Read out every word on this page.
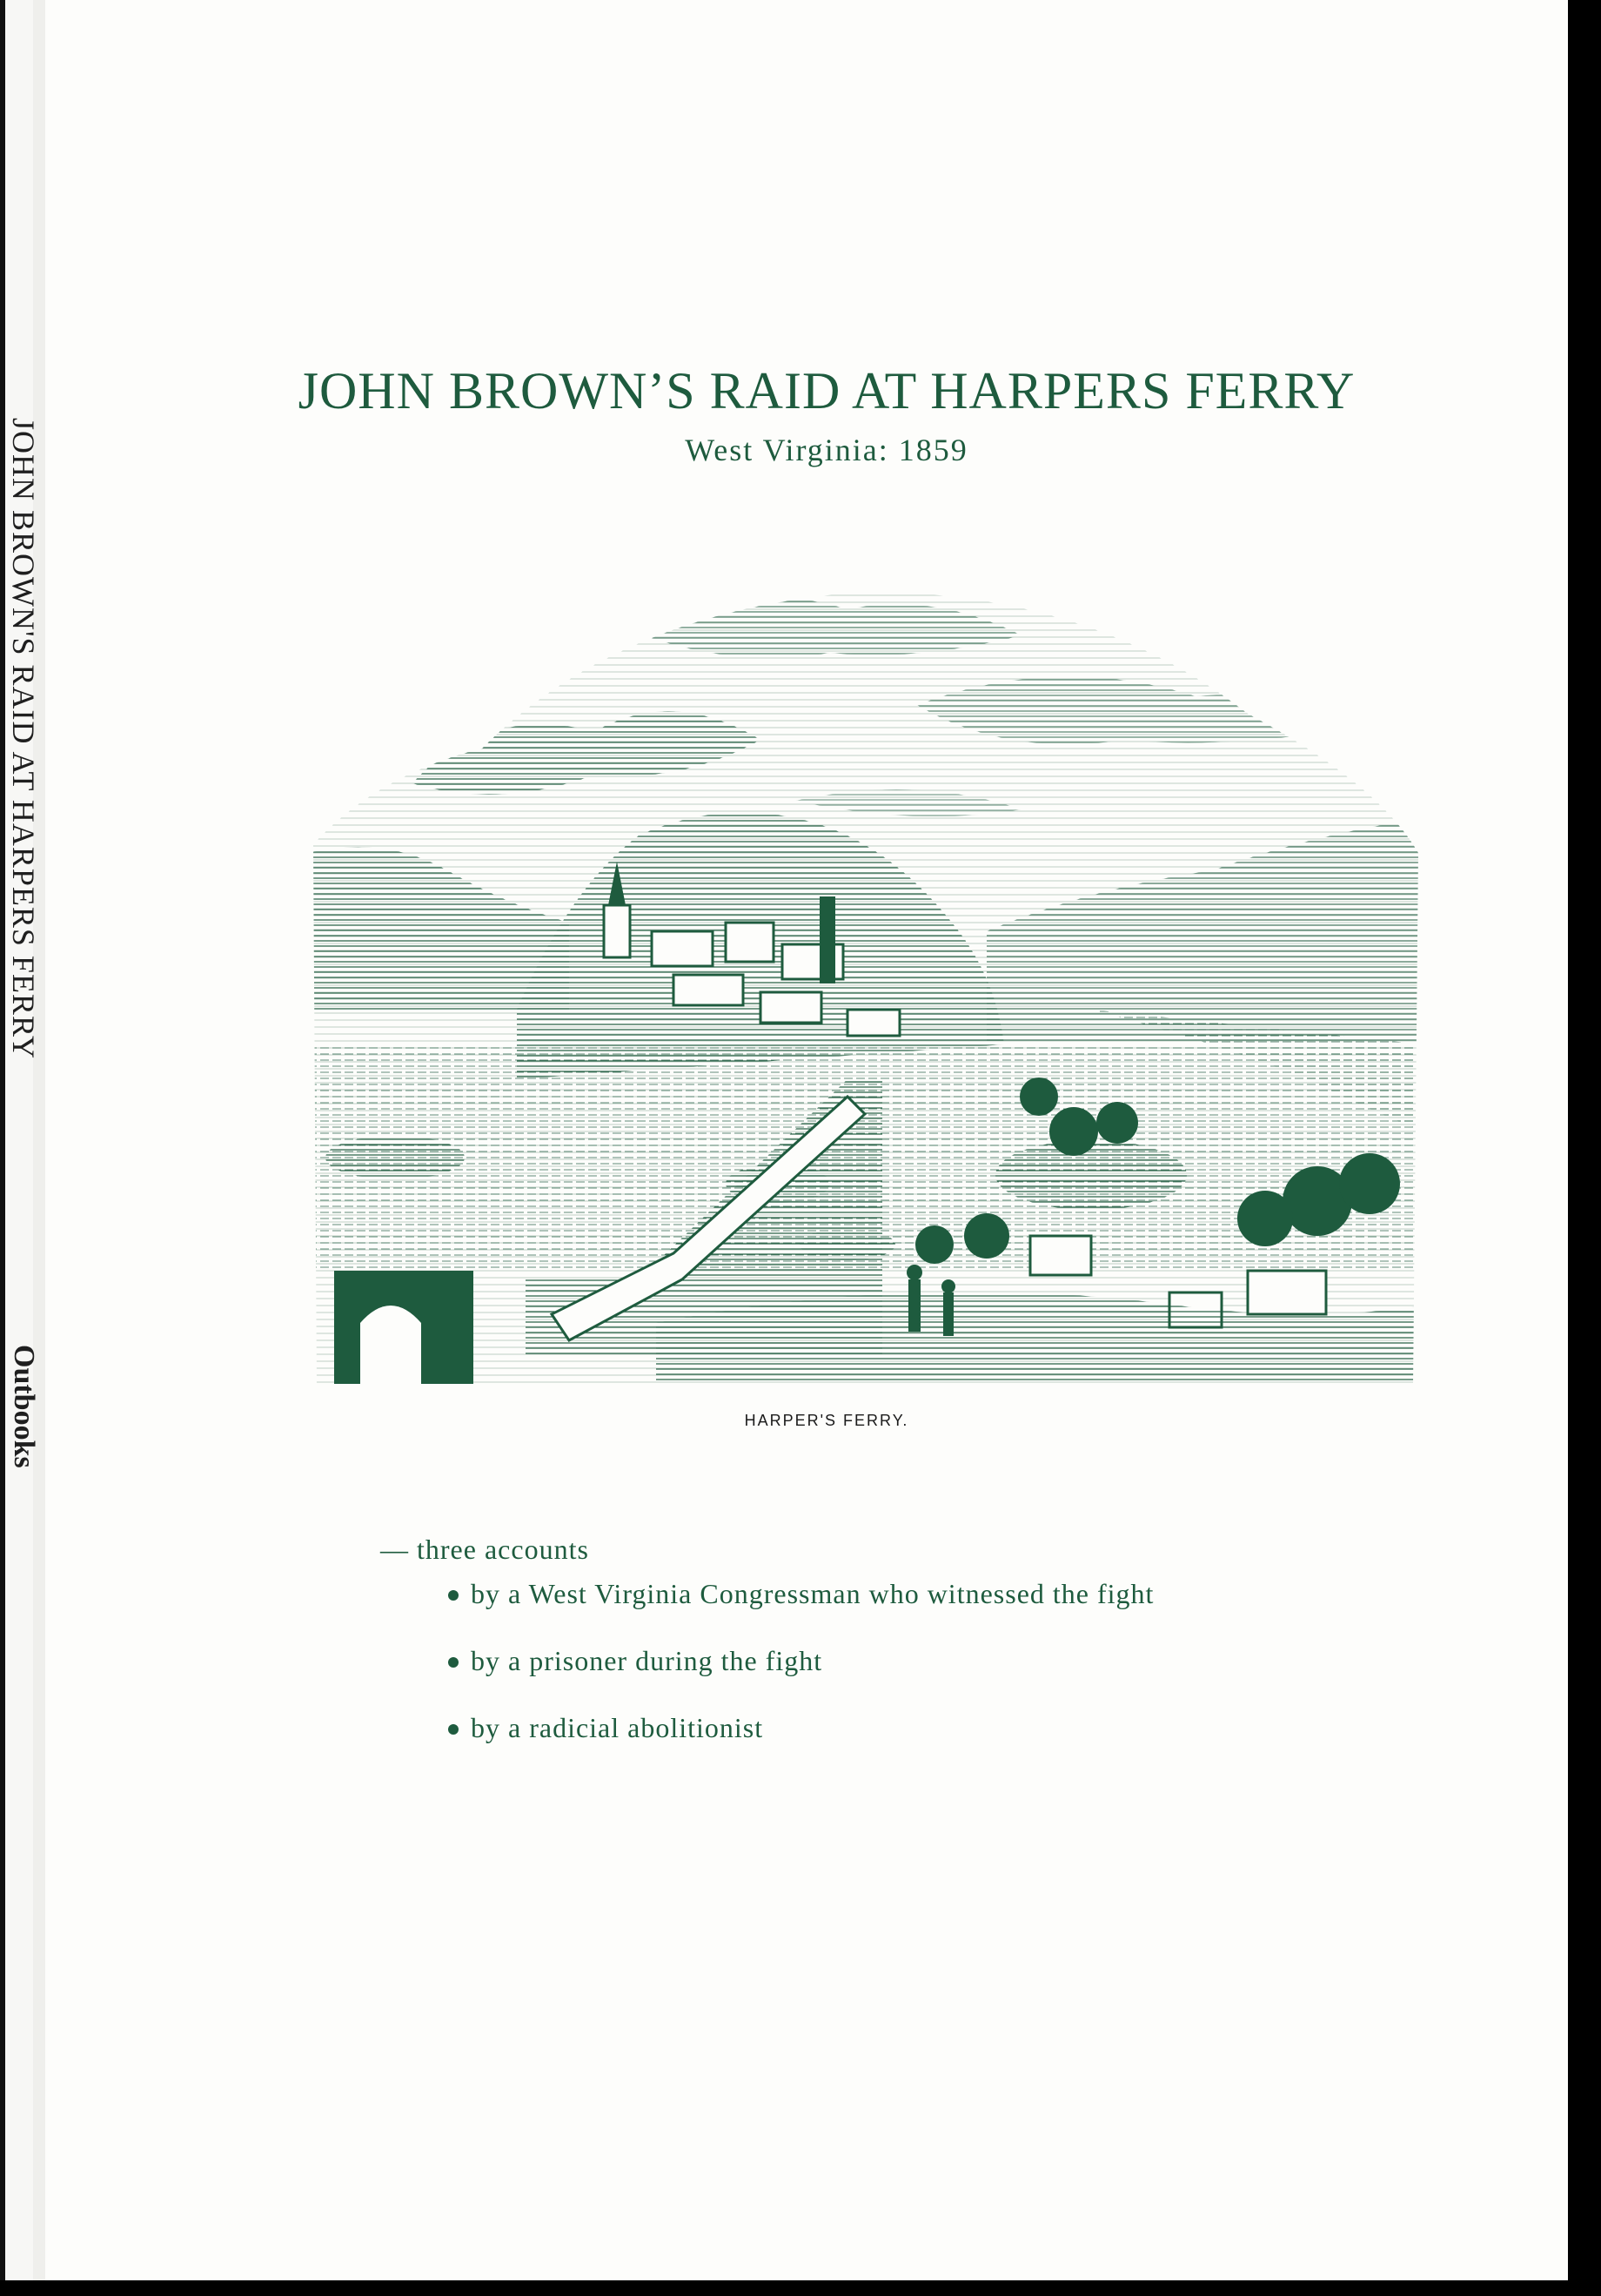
JOHN BROWN'S RAID AT HARPERS FERRY
Outbooks
JOHN BROWN’S RAID AT HARPERS FERRY
West Virginia: 1859
HARPER'S FERRY.
— three accounts
by a West Virginia Congressman who witnessed the fight
by a prisoner during the fight
by a radicial abolitionist
